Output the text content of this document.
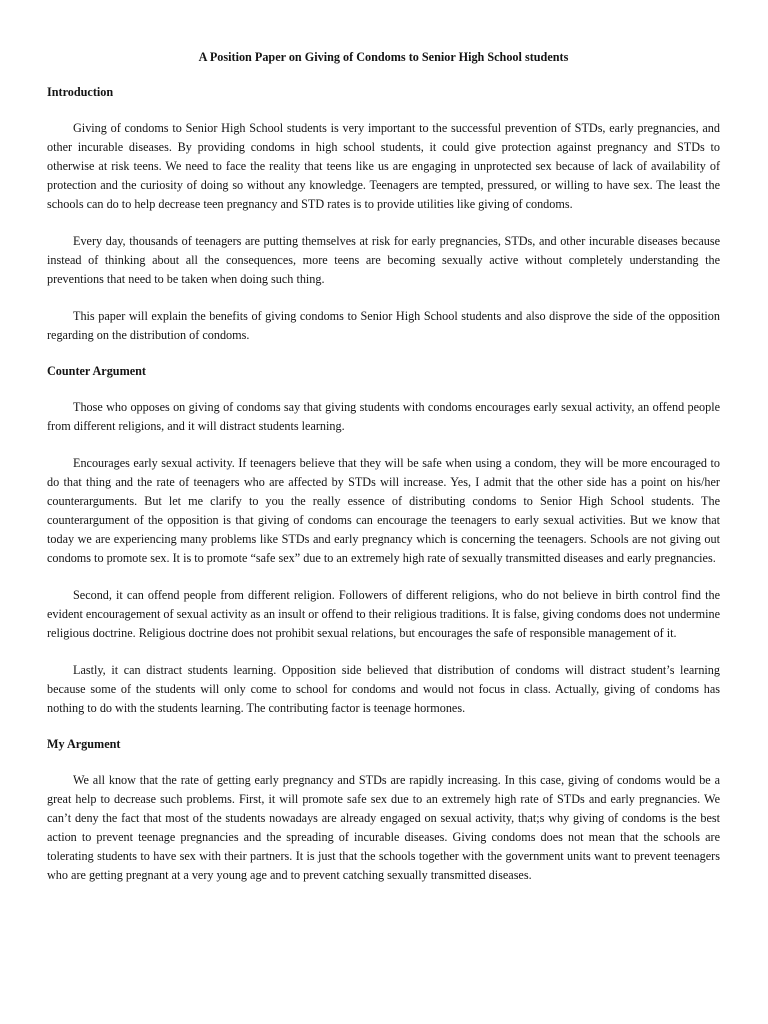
A Position Paper on Giving of Condoms to Senior High School students
Introduction

Giving of condoms to Senior High School students is very important to the successful prevention of STDs, early pregnancies, and other incurable diseases. By providing condoms in high school students, it could give protection against pregnancy and STDs to otherwise at risk teens. We need to face the reality that teens like us are engaging in unprotected sex because of lack of availability of protection and the curiosity of doing so without any knowledge. Teenagers are tempted, pressured, or willing to have sex. The least the schools can do to help decrease teen pregnancy and STD rates is to provide utilities like giving of condoms.

Every day, thousands of teenagers are putting themselves at risk for early pregnancies, STDs, and other incurable diseases because instead of thinking about all the consequences, more teens are becoming sexually active without completely understanding the preventions that need to be taken when doing such thing.

This paper will explain the benefits of giving condoms to Senior High School students and also disprove the side of the opposition regarding on the distribution of condoms.

Counter Argument

Those who opposes on giving of condoms say that giving students with condoms encourages early sexual activity, an offend people from different religions, and it will distract students learning.

Encourages early sexual activity. If teenagers believe that they will be safe when using a condom, they will be more encouraged to do that thing and the rate of teenagers who are affected by STDs will increase. Yes, I admit that the other side has a point on his/her counterarguments. But let me clarify to you the really essence of distributing condoms to Senior High School students. The counterargument of the opposition is that giving of condoms can encourage the teenagers to early sexual activities. But we know that today we are experiencing many problems like STDs and early pregnancy which is concerning the teenagers. Schools are not giving out condoms to promote sex. It is to promote “safe sex” due to an extremely high rate of sexually transmitted diseases and early pregnancies.

Second, it can offend people from different religion. Followers of different religions, who do not believe in birth control find the evident encouragement of sexual activity as an insult or offend to their religious traditions. It is false, giving condoms does not undermine religious doctrine. Religious doctrine does not prohibit sexual relations, but encourages the safe of responsible management of it.

Lastly, it can distract students learning. Opposition side believed that distribution of condoms will distract student’s learning because some of the students will only come to school for condoms and would not focus in class. Actually, giving of condoms has nothing to do with the students learning. The contributing factor is teenage hormones.

My Argument

We all know that the rate of getting early pregnancy and STDs are rapidly increasing. In this case, giving of condoms would be a great help to decrease such problems. First, it will promote safe sex due to an extremely high rate of STDs and early pregnancies. We can’t deny the fact that most of the students nowadays are already engaged on sexual activity, that;s why giving of condoms is the best action to prevent teenage pregnancies and the spreading of incurable diseases. Giving condoms does not mean that the schools are tolerating students to have sex with their partners. It is just that the schools together with the government units want to prevent teenagers who are getting pregnant at a very young age and to prevent catching sexually transmitted diseases.
